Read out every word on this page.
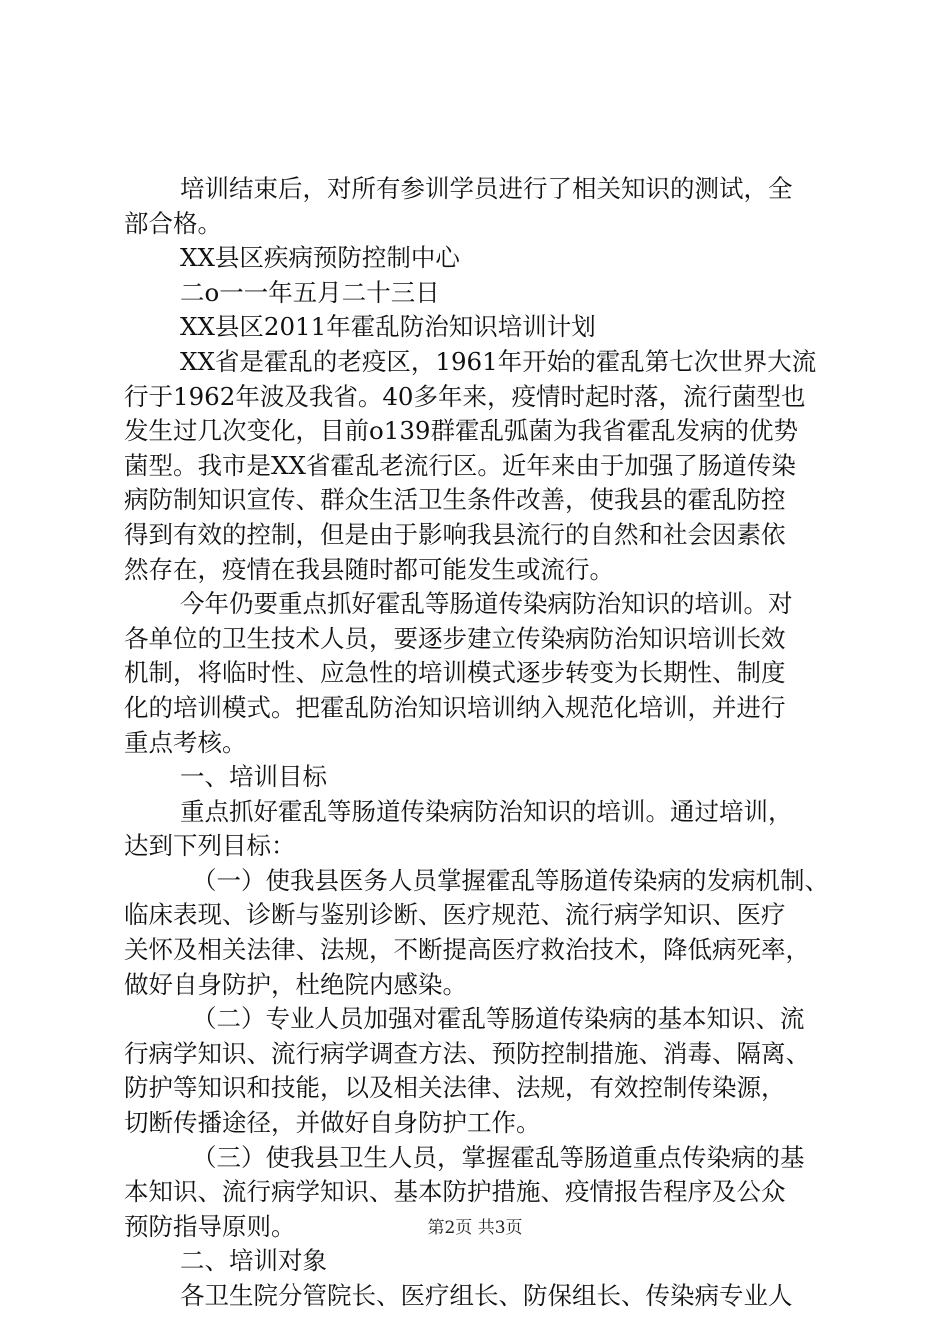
培训结束后，对所有参训学员进行了相关知识的测试，全
部合格。
XX县区疾病预防控制中心
二o一一年五月二十三日
XX县区2011年霍乱防治知识培训计划
XX省是霍乱的老疫区，1961年开始的霍乱第七次世界大流
行于1962年波及我省。40多年来，疫情时起时落，流行菌型也
发生过几次变化，目前o139群霍乱弧菌为我省霍乱发病的优势
菌型。我市是XX省霍乱老流行区。近年来由于加强了肠道传染
病防制知识宣传、群众生活卫生条件改善，使我县的霍乱防控
得到有效的控制，但是由于影响我县流行的自然和社会因素依
然存在，疫情在我县随时都可能发生或流行。
今年仍要重点抓好霍乱等肠道传染病防治知识的培训。对
各单位的卫生技术人员，要逐步建立传染病防治知识培训长效
机制，将临时性、应急性的培训模式逐步转变为长期性、制度
化的培训模式。把霍乱防治知识培训纳入规范化培训，并进行
重点考核。
一、培训目标
重点抓好霍乱等肠道传染病防治知识的培训。通过培训，
达到下列目标：
（一）使我县医务人员掌握霍乱等肠道传染病的发病机制、
临床表现、诊断与鉴别诊断、医疗规范、流行病学知识、医疗
关怀及相关法律、法规，不断提高医疗救治技术，降低病死率，
做好自身防护，杜绝院内感染。
（二）专业人员加强对霍乱等肠道传染病的基本知识、流
行病学知识、流行病学调查方法、预防控制措施、消毒、隔离、
防护等知识和技能，以及相关法律、法规，有效控制传染源，
切断传播途径，并做好自身防护工作。
（三）使我县卫生人员，掌握霍乱等肠道重点传染病的基
本知识、流行病学知识、基本防护措施、疫情报告程序及公众
预防指导原则。
二、培训对象
各卫生院分管院长、医疗组长、防保组长、传染病专业人
第2页 共3页
